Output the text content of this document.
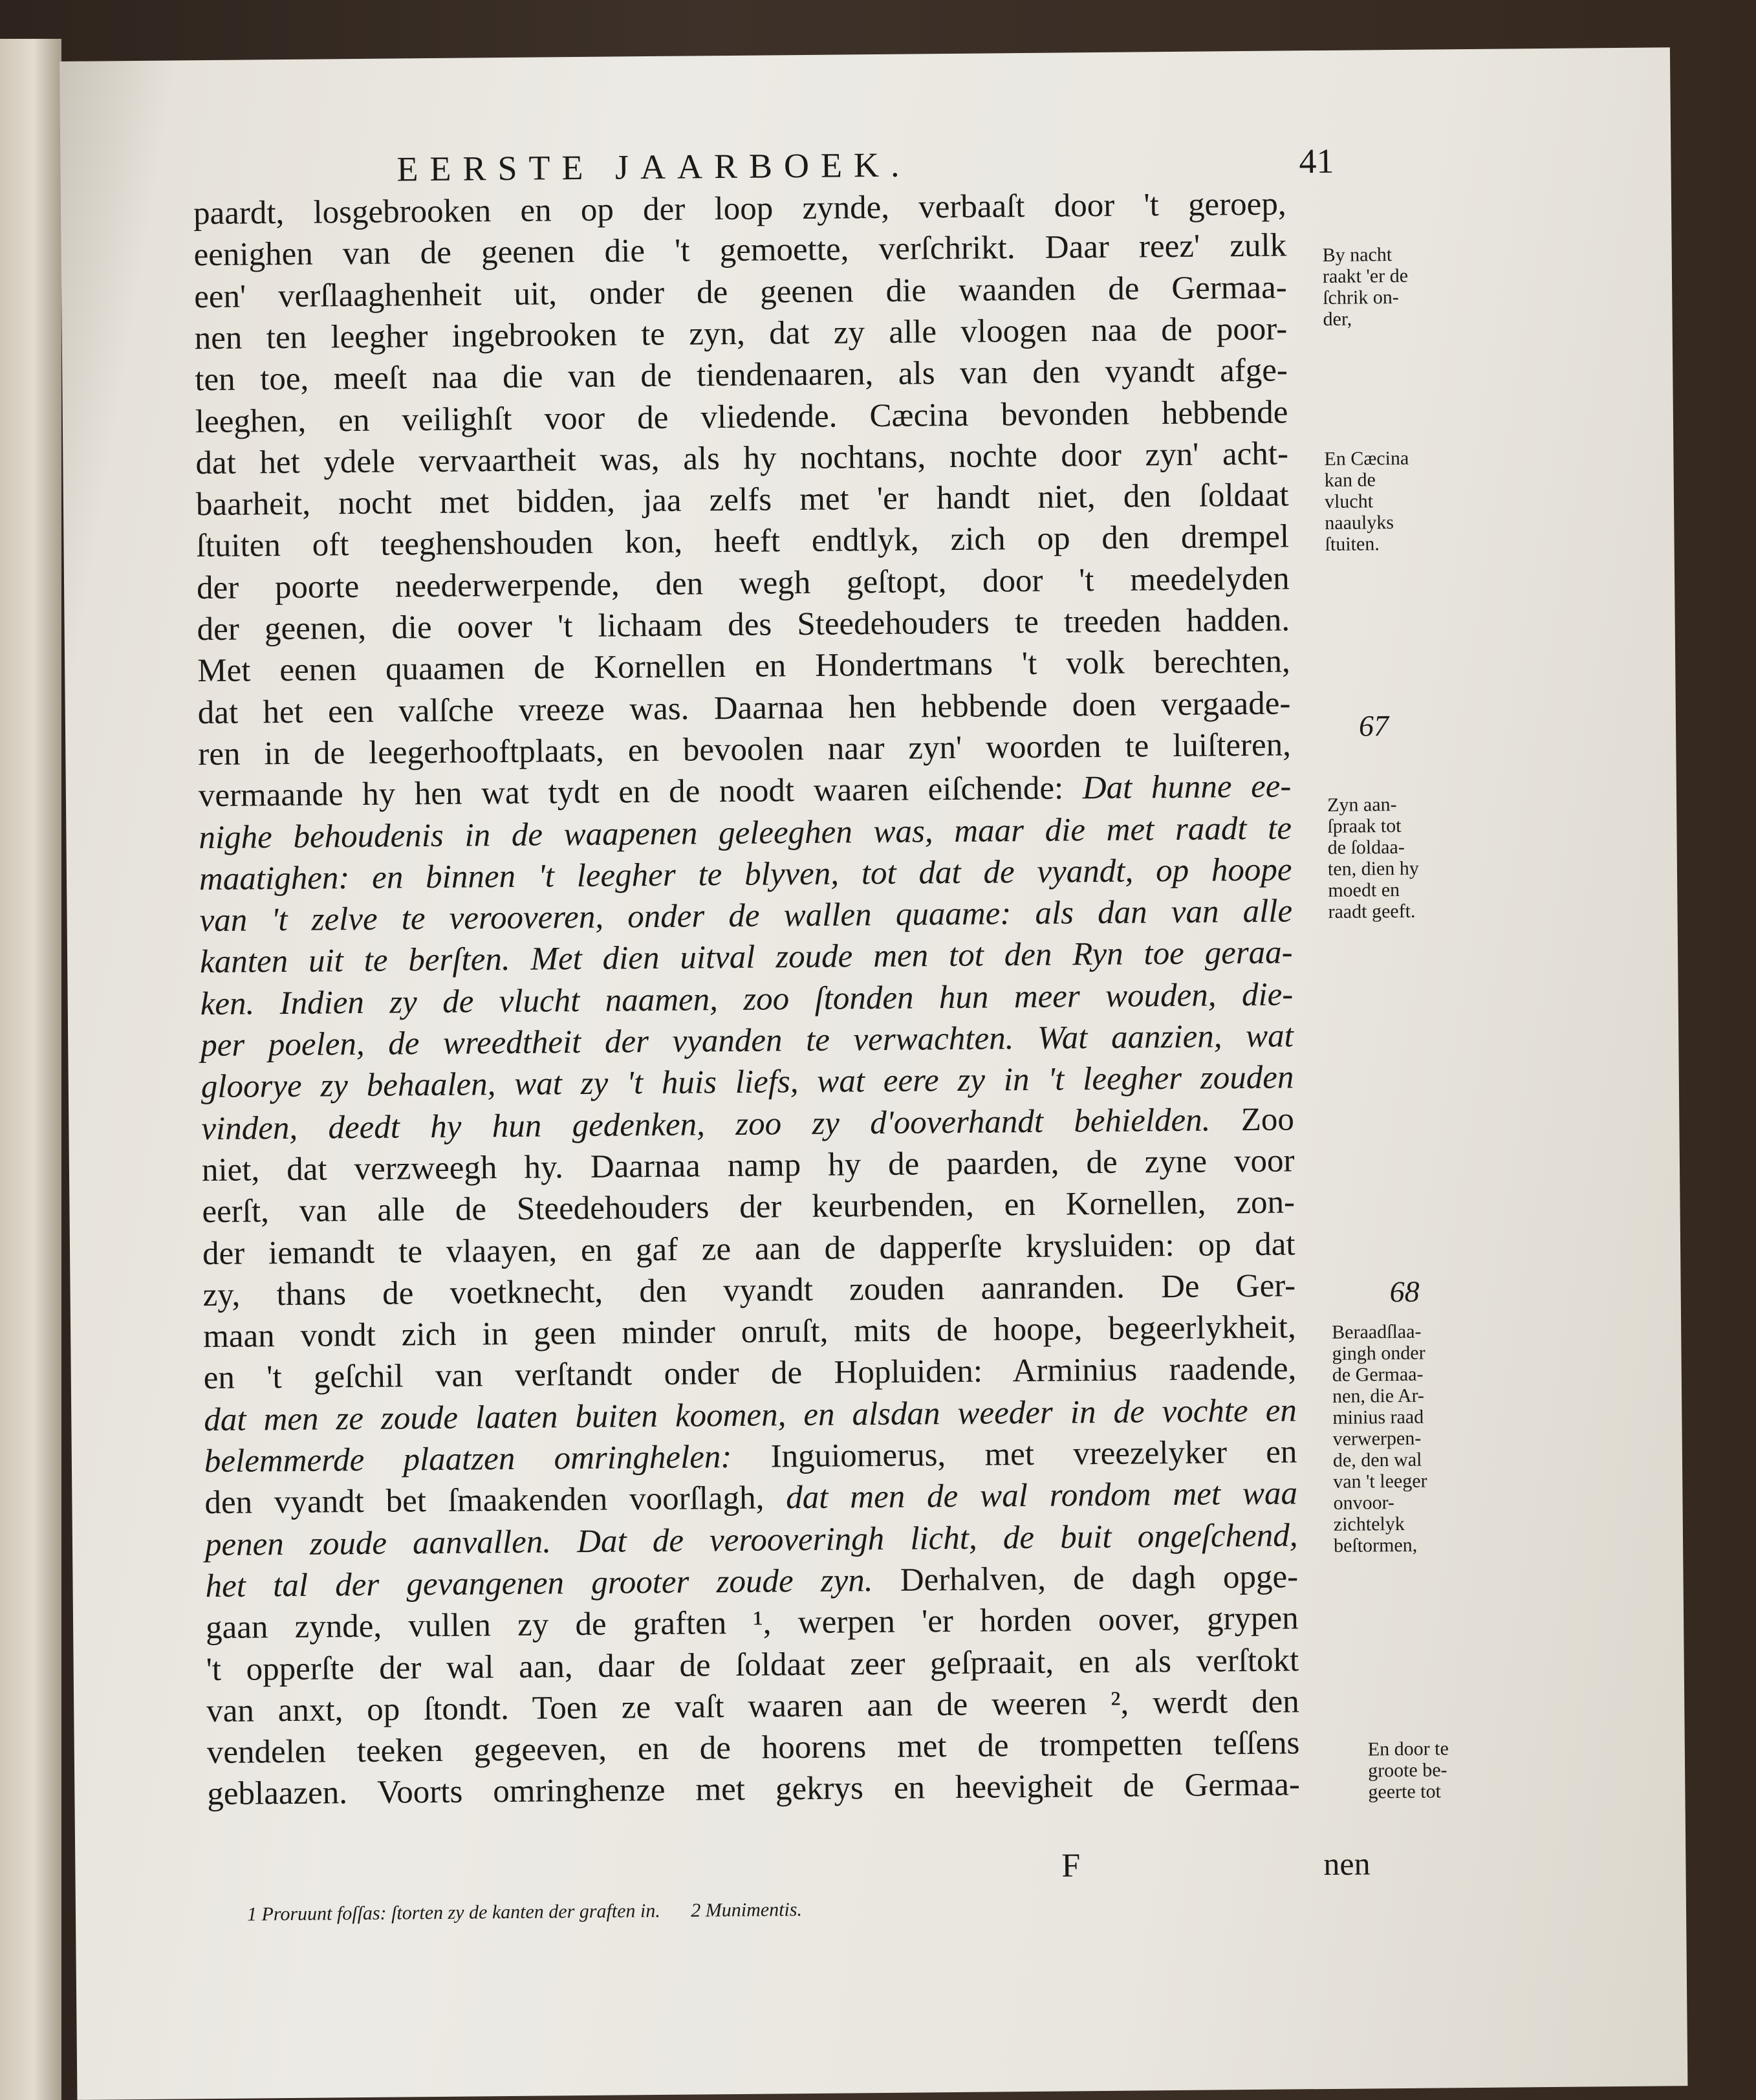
EERSTE JAARBOEK.	41
paardt, losgebrooken en op der loop zynde, verbaaſt door 't geroep,
eenighen van de geenen die 't gemoette, verſchrikt. Daar reez' zulk
een' verſlaaghenheit uit, onder de geenen die waanden de Germaa-
nen ten leegher ingebrooken te zyn, dat zy alle vloogen naa de poor-
ten toe, meeſt naa die van de tiendenaaren, als van den vyandt afge-
leeghen, en veilighſt voor de vliedende. Cæcina bevonden hebbende
dat het ydele vervaartheit was, als hy nochtans, nochte door zyn' acht-
baarheit, nocht met bidden, jaa zelfs met 'er handt niet, den ſoldaat
ſtuiten oft teeghenshouden kon, heeft endtlyk, zich op den drempel
der poorte neederwerpende, den wegh geſtopt, door 't meedelyden
der geenen, die oover 't lichaam des Steedehouders te treeden hadden.
Met eenen quaamen de Kornellen en Hondertmans 't volk berechten,
dat het een valſche vreeze was. Daarnaa hen hebbende doen vergaade-
ren in de leegerhooftplaats, en bevoolen naar zyn' woorden te luiſteren,
vermaande hy hen wat tydt en de noodt waaren eiſchende: Dat hunne ee-
nighe behoudenis in de waapenen geleeghen was, maar die met raadt te
maatighen: en binnen 't leegher te blyven, tot dat de vyandt, op hoope
van 't zelve te verooveren, onder de wallen quaame: als dan van alle
kanten uit te berſten. Met dien uitval zoude men tot den Ryn toe geraa-
ken. Indien zy de vlucht naamen, zoo ſtonden hun meer wouden, die-
per poelen, de wreedtheit der vyanden te verwachten. Wat aanzien, wat
gloorye zy behaalen, wat zy 't huis liefs, wat eere zy in 't leegher zouden
vinden, deedt hy hun gedenken, zoo zy d'ooverhandt behielden. Zoo
niet, dat verzweegh hy. Daarnaa namp hy de paarden, de zyne voor
eerſt, van alle de Steedehouders der keurbenden, en Kornellen, zon-
der iemandt te vlaayen, en gaf ze aan de dapperſte krysluiden: op dat
zy, thans de voetknecht, den vyandt zouden aanranden. De Ger-
maan vondt zich in geen minder onruſt, mits de hoope, begeerlykheit,
en 't geſchil van verſtandt onder de Hopluiden: Arminius raadende,
dat men ze zoude laaten buiten koomen, en alsdan weeder in de vochte en
belemmerde plaatzen omringhelen: Inguiomerus, met vreezelyker en
den vyandt bet ſmaakenden voorſlagh, dat men de wal rondom met waa
penen zoude aanvallen. Dat de verooveringh licht, de buit ongeſchend,
het tal der gevangenen grooter zoude zyn. Derhalven, de dagh opge-
gaan zynde, vullen zy de graften ¹, werpen 'er horden oover, grypen
't opperſte der wal aan, daar de ſoldaat zeer geſpraait, en als verſtokt
van anxt, op ſtondt. Toen ze vaſt waaren aan de weeren ², werdt den
vendelen teeken gegeeven, en de hoorens met de trompetten teſſens
geblaazen. Voorts omringhenze met gekrys en heevigheit de Germaa-
By nacht
raakt 'er de
ſchrik on-
der,
En Cæcina
kan de
vlucht
naaulyks
ſtuiten.
67
Zyn aan-
ſpraak tot
de ſoldaa-
ten, dien hy
moedt en
raadt geeft.
68
Beraadſlaa-
gingh onder
de Germaa-
nen, die Ar-
minius raad
verwerpen-
de, den wal
van 't leeger
onvoor-
zichtelyk
beſtormen,
En door te
groote be-
geerte tot
F	nen
1 Proruunt foſſas: ſtorten zy de kanten der graften in. 2 Munimentis.
